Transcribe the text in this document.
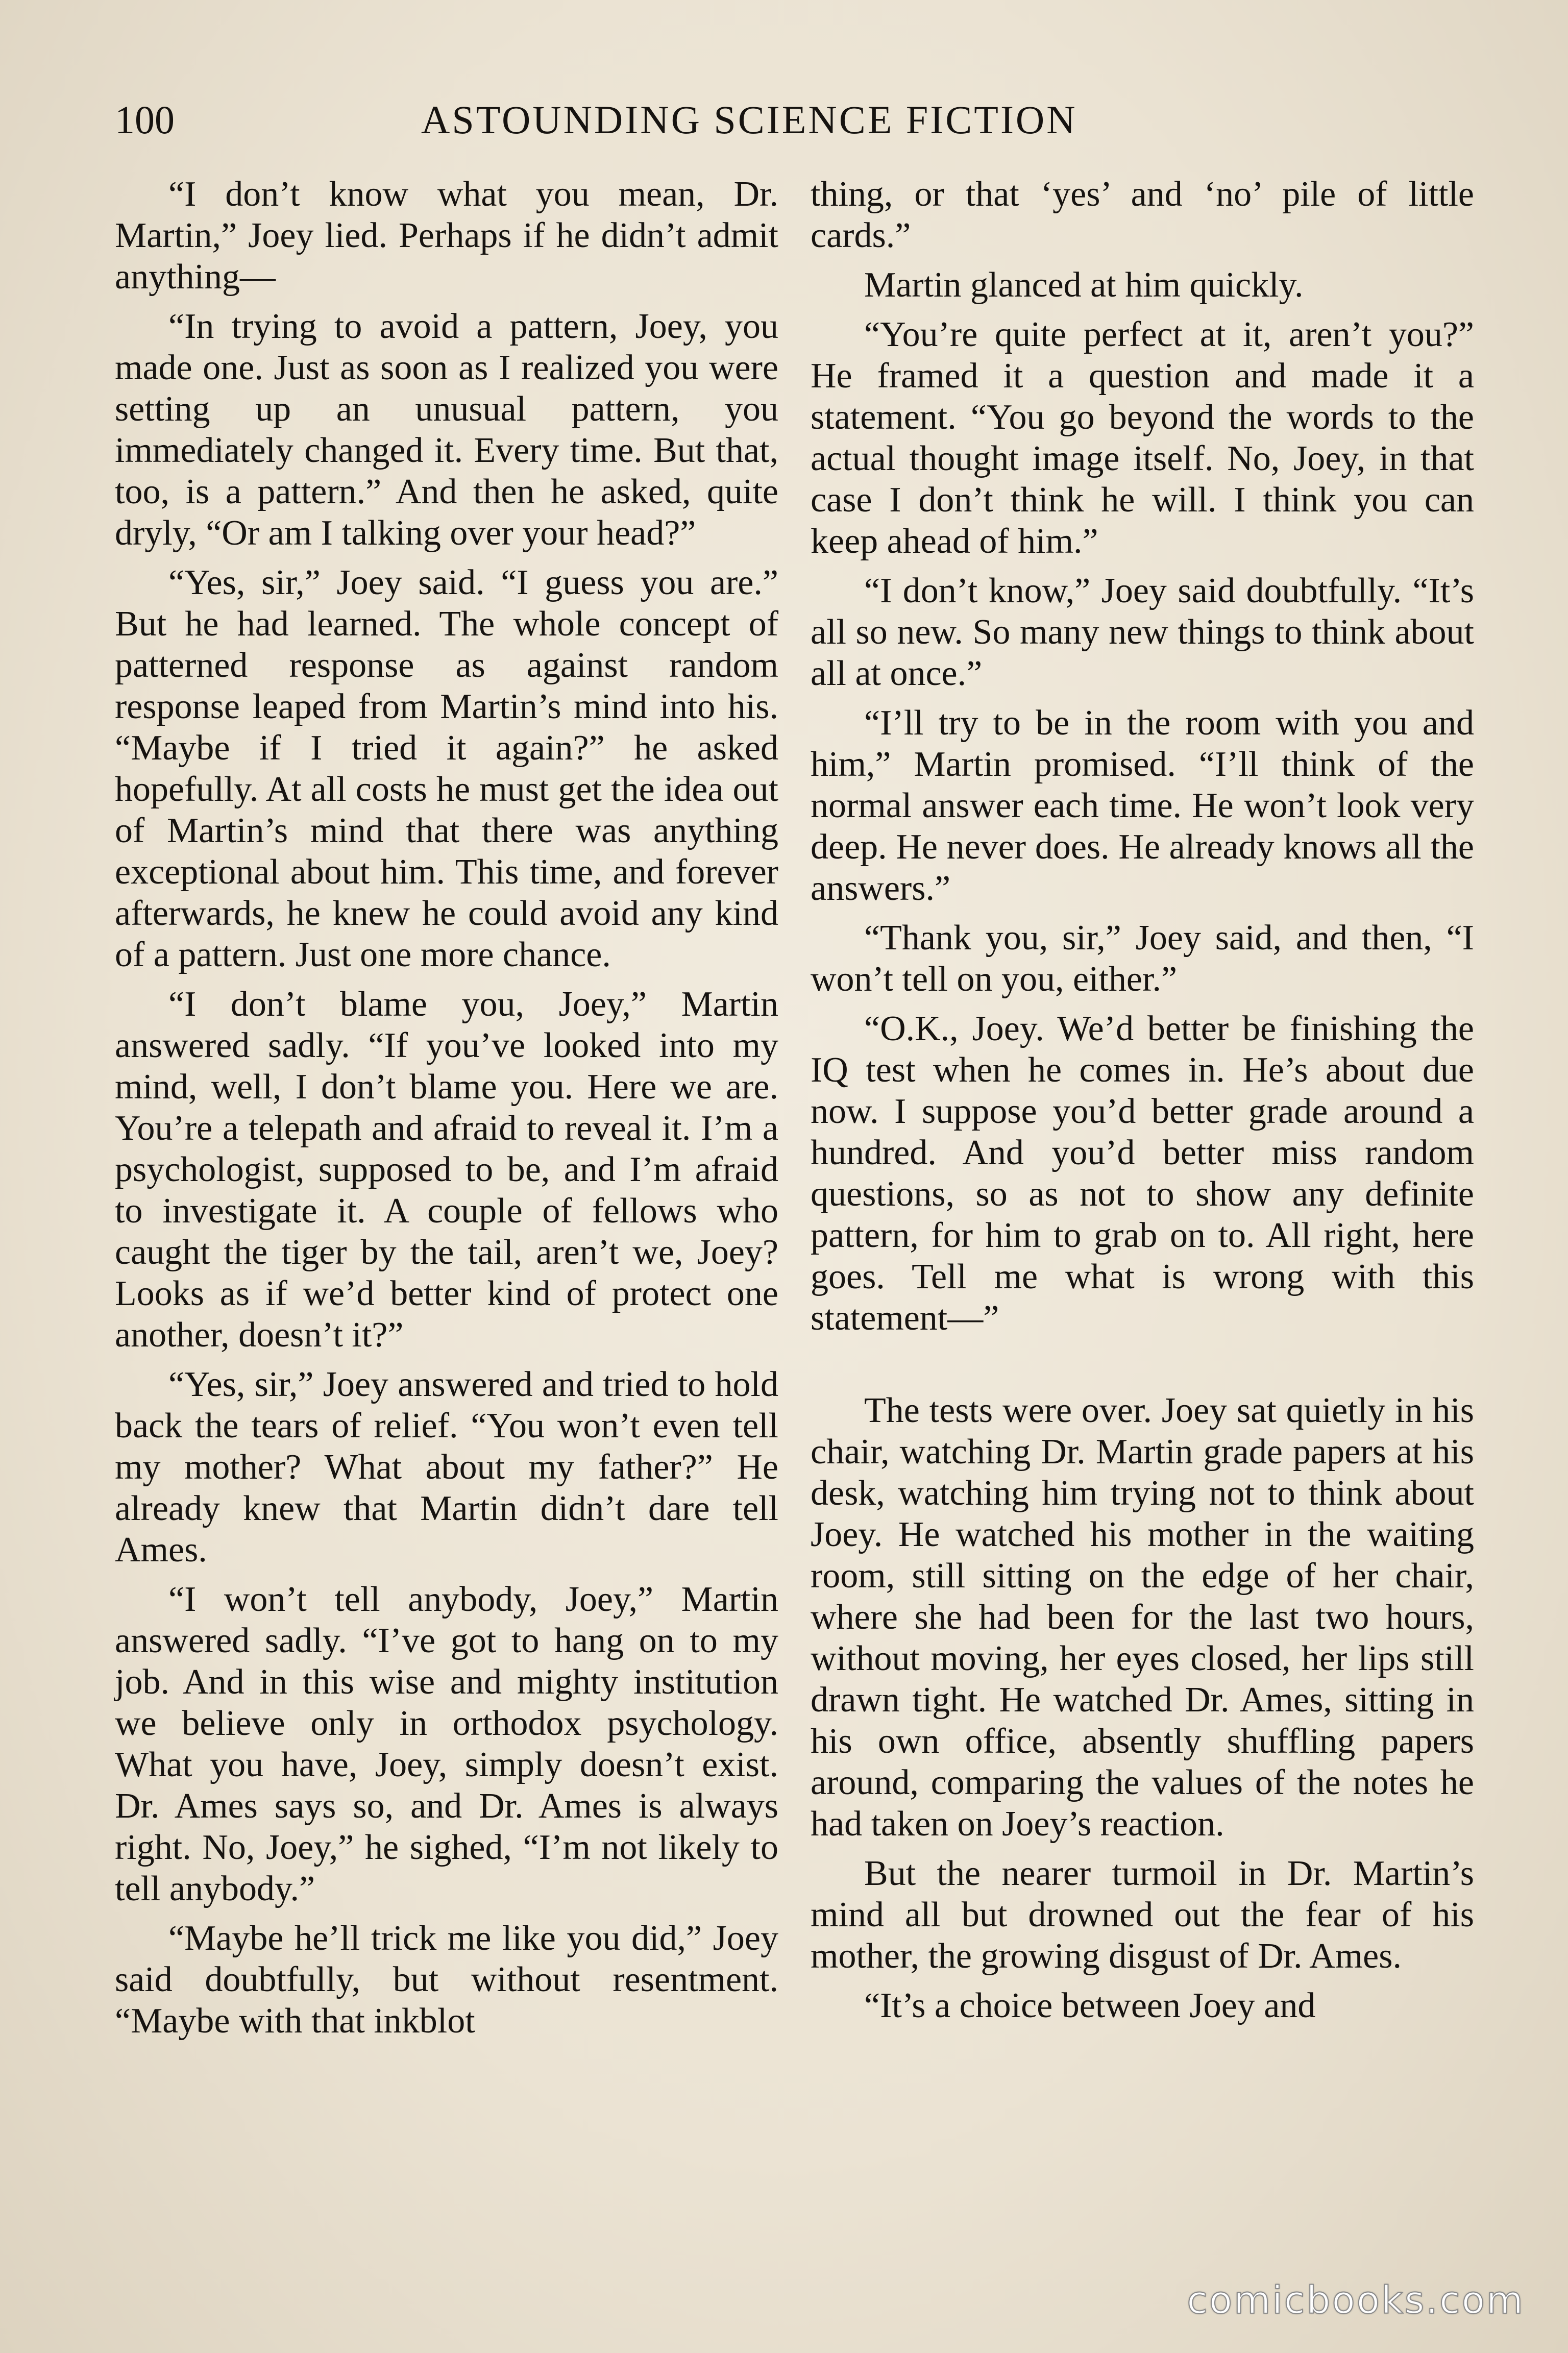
100	ASTOUNDING SCIENCE FICTION

“I don’t know what you mean, Dr. Martin,” Joey lied. Perhaps if he didn’t admit anything—

“In trying to avoid a pattern, Joey, you made one. Just as soon as I realized you were setting up an unusual pattern, you immediately changed it. Every time. But that, too, is a pattern.” And then he asked, quite dryly, “Or am I talking over your head?”

“Yes, sir,” Joey said. “I guess you are.” But he had learned. The whole concept of patterned response as against random response leaped from Martin’s mind into his. “Maybe if I tried it again?” he asked hopefully. At all costs he must get the idea out of Martin’s mind that there was anything exceptional about him. This time, and forever afterwards, he knew he could avoid any kind of a pattern. Just one more chance.

“I don’t blame you, Joey,” Martin answered sadly. “If you’ve looked into my mind, well, I don’t blame you. Here we are. You’re a telepath and afraid to reveal it. I’m a psychologist, supposed to be, and I’m afraid to investigate it. A couple of fellows who caught the tiger by the tail, aren’t we, Joey? Looks as if we’d better kind of protect one another, doesn’t it?”

“Yes, sir,” Joey answered and tried to hold back the tears of relief. “You won’t even tell my mother? What about my father?” He already knew that Martin didn’t dare tell Ames.

“I won’t tell anybody, Joey,” Martin answered sadly. “I’ve got to hang on to my job. And in this wise and mighty institution we believe only in orthodox psychology. What you have, Joey, simply doesn’t exist. Dr. Ames says so, and Dr. Ames is always right. No, Joey,” he sighed, “I’m not likely to tell anybody.”

“Maybe he’ll trick me like you did,” Joey said doubtfully, but without resentment. “Maybe with that inkblot

thing, or that ‘yes’ and ‘no’ pile of little cards.”

Martin glanced at him quickly.

“You’re quite perfect at it, aren’t you?” He framed it a question and made it a statement. “You go beyond the words to the actual thought image itself. No, Joey, in that case I don’t think he will. I think you can keep ahead of him.”

“I don’t know,” Joey said doubtfully. “It’s all so new. So many new things to think about all at once.”

“I’ll try to be in the room with you and him,” Martin promised. “I’ll think of the normal answer each time. He won’t look very deep. He never does. He already knows all the answers.”

“Thank you, sir,” Joey said, and then, “I won’t tell on you, either.”

“O.K., Joey. We’d better be finishing the IQ test when he comes in. He’s about due now. I suppose you’d better grade around a hundred. And you’d better miss random questions, so as not to show any definite pattern, for him to grab on to. All right, here goes. Tell me what is wrong with this statement—”

The tests were over. Joey sat quietly in his chair, watching Dr. Martin grade papers at his desk, watching him trying not to think about Joey. He watched his mother in the waiting room, still sitting on the edge of her chair, where she had been for the last two hours, without moving, her eyes closed, her lips still drawn tight. He watched Dr. Ames, sitting in his own office, absently shuffling papers around, comparing the values of the notes he had taken on Joey’s reaction.

But the nearer turmoil in Dr. Martin’s mind all but drowned out the fear of his mother, the growing disgust of Dr. Ames.

“It’s a choice between Joey and

comicbooks.com
